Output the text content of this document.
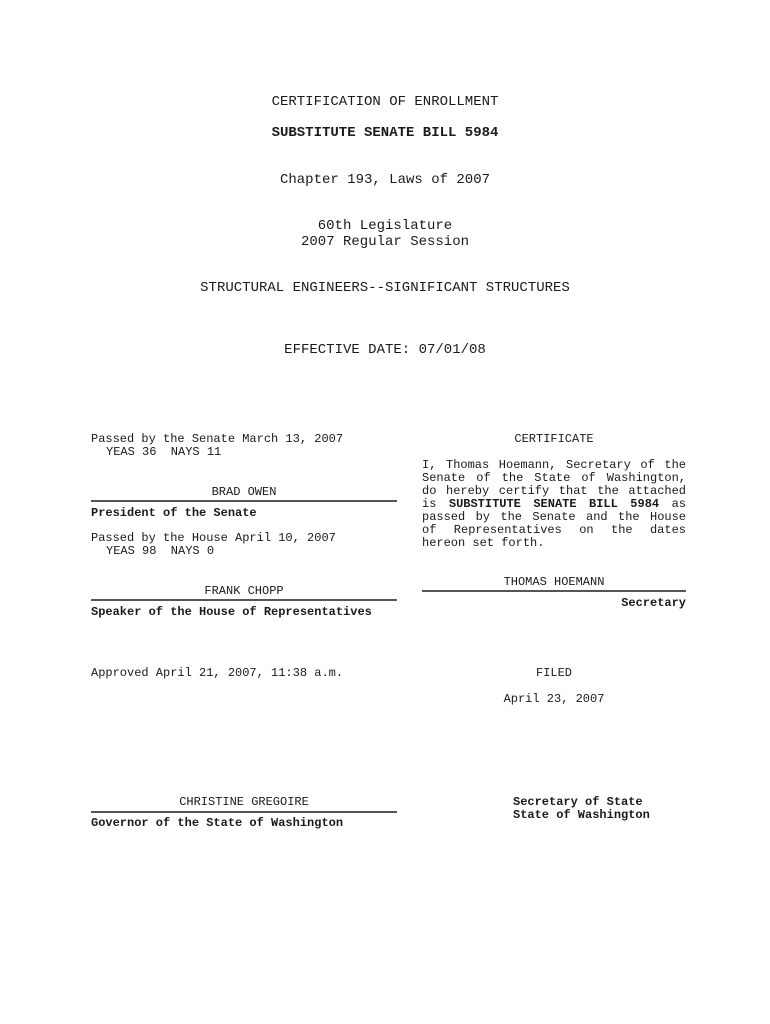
CERTIFICATION OF ENROLLMENT
SUBSTITUTE SENATE BILL 5984
Chapter 193, Laws of 2007
60th Legislature
2007 Regular Session
STRUCTURAL ENGINEERS--SIGNIFICANT STRUCTURES
EFFECTIVE DATE: 07/01/08
Passed by the Senate March 13, 2007
YEAS 36  NAYS 11
BRAD OWEN
President of the Senate
Passed by the House April 10, 2007
YEAS 98  NAYS 0
FRANK CHOPP
Speaker of the House of Representatives
Approved April 21, 2007, 11:38 a.m.
CHRISTINE GREGOIRE
Governor of the State of Washington
CERTIFICATE
I, Thomas Hoemann, Secretary of the Senate of the State of Washington, do hereby certify that the attached is SUBSTITUTE SENATE BILL 5984 as passed by the Senate and the House of Representatives on the dates hereon set forth.
THOMAS HOEMANN
Secretary
FILED
April 23, 2007
Secretary of State
State of Washington
